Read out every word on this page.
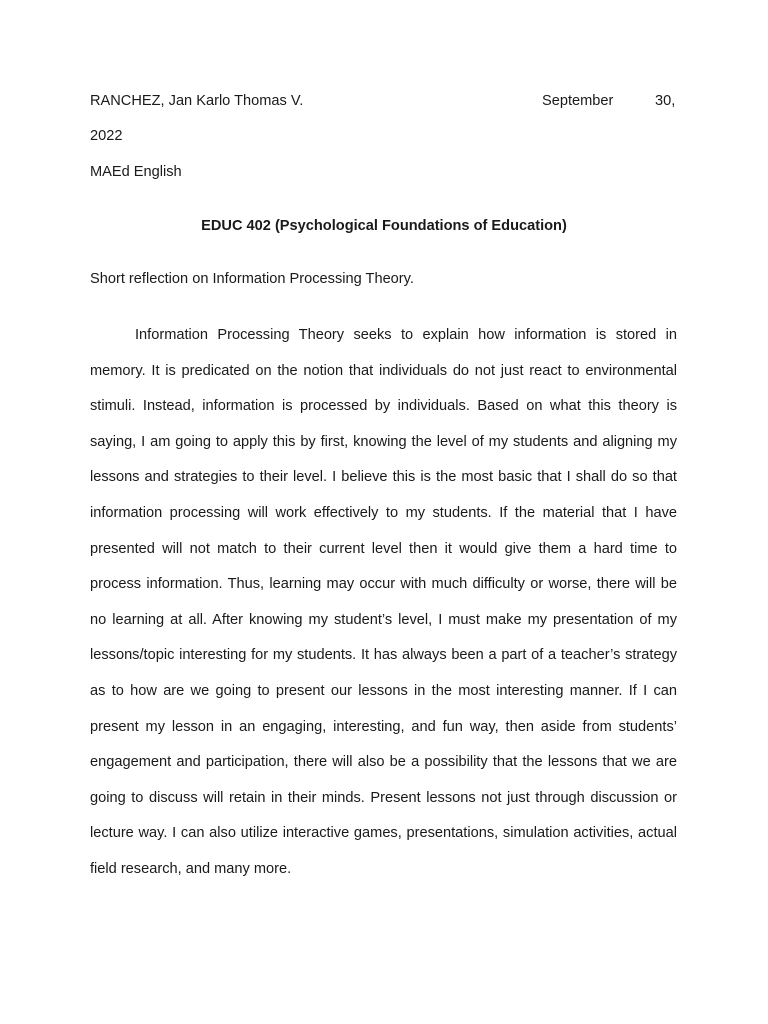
RANCHEZ, Jan Karlo Thomas V.	September	30,
2022
MAEd English
EDUC 402 (Psychological Foundations of Education)
Short reflection on Information Processing Theory.

Information Processing Theory seeks to explain how information is stored in memory. It is predicated on the notion that individuals do not just react to environmental stimuli. Instead, information is processed by individuals. Based on what this theory is saying, I am going to apply this by first, knowing the level of my students and aligning my lessons and strategies to their level. I believe this is the most basic that I shall do so that information processing will work effectively to my students. If the material that I have presented will not match to their current level then it would give them a hard time to process information. Thus, learning may occur with much difficulty or worse, there will be no learning at all. After knowing my student’s level, I must make my presentation of my lessons/topic interesting for my students. It has always been a part of a teacher’s strategy as to how are we going to present our lessons in the most interesting manner. If I can present my lesson in an engaging, interesting, and fun way, then aside from students’ engagement and participation, there will also be a possibility that the lessons that we are going to discuss will retain in their minds. Present lessons not just through discussion or lecture way. I can also utilize interactive games, presentations, simulation activities, actual field research, and many more.
